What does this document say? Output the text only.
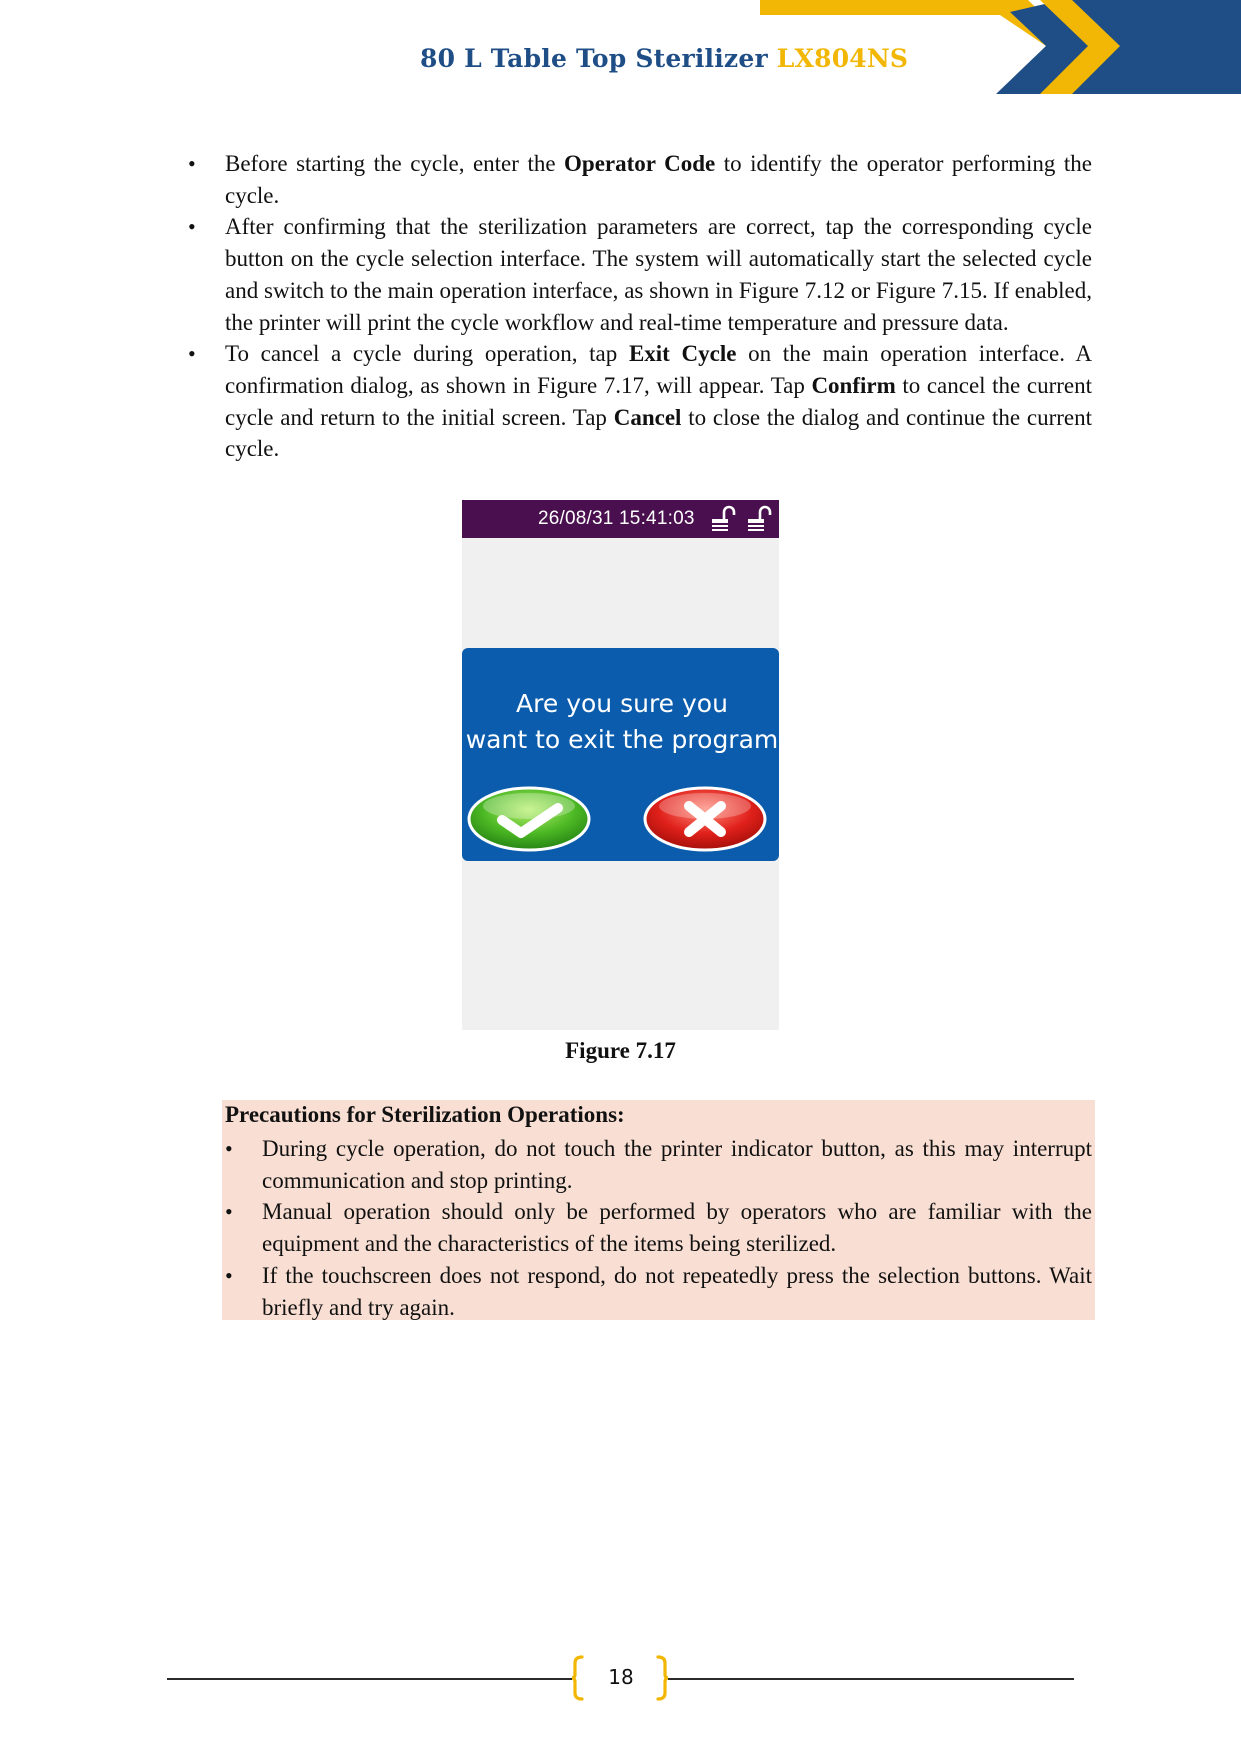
80 L Table Top Sterilizer LX804NS
• Before starting the cycle, enter the Operator Code to identify the operator performing the cycle.
• After confirming that the sterilization parameters are correct, tap the corresponding cycle button on the cycle selection interface. The system will automatically start the selected cycle and switch to the main operation interface, as shown in Figure 7.12 or Figure 7.15. If enabled, the printer will print the cycle workflow and real-time temperature and pressure data.
• To cancel a cycle during operation, tap Exit Cycle on the main operation interface. A confirmation dialog, as shown in Figure 7.17, will appear. Tap Confirm to cancel the current cycle and return to the initial screen. Tap Cancel to close the dialog and continue the current cycle.
26/08/31 15:41:03
Are you sure you
want to exit the program
Figure 7.17
Precautions for Sterilization Operations:
• During cycle operation, do not touch the printer indicator button, as this may interrupt communication and stop printing.
• Manual operation should only be performed by operators who are familiar with the equipment and the characteristics of the items being sterilized.
• If the touchscreen does not respond, do not repeatedly press the selection buttons. Wait briefly and try again.
18
